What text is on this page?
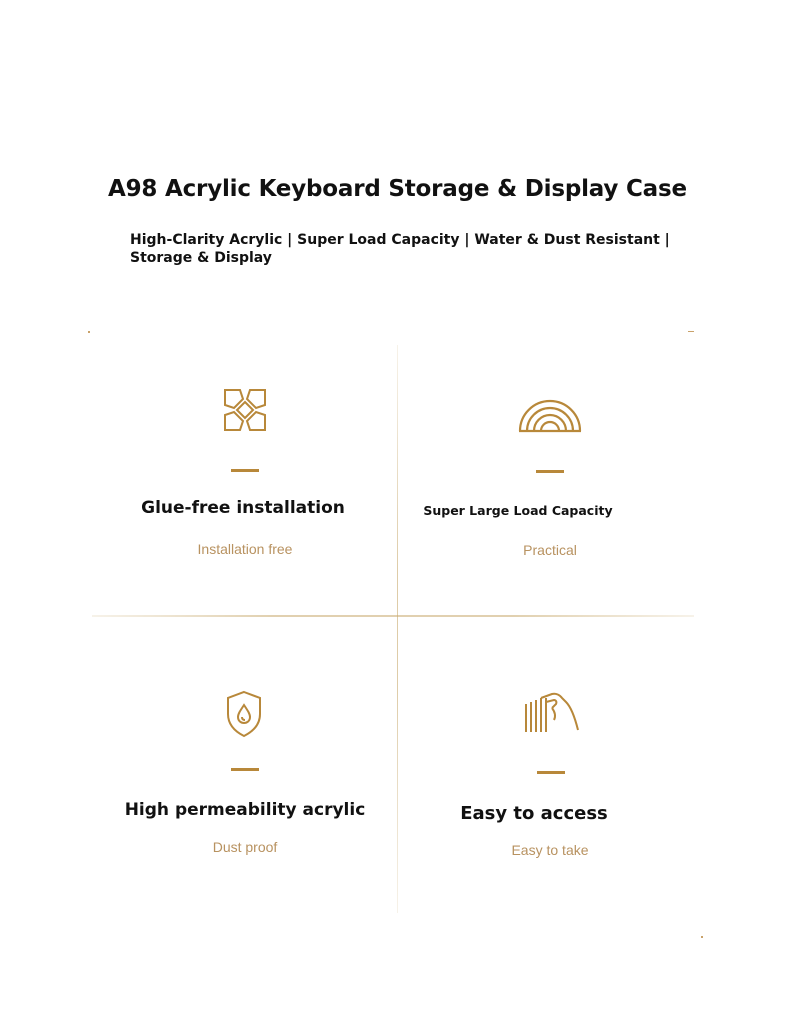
A98 Acrylic Keyboard Storage & Display Case
High-Clarity Acrylic | Super Load Capacity | Water & Dust Resistant | Storage & Display
Glue-free installation
Installation free
Super Large Load Capacity
Practical
High permeability acrylic
Dust proof
Easy to access
Easy to take
